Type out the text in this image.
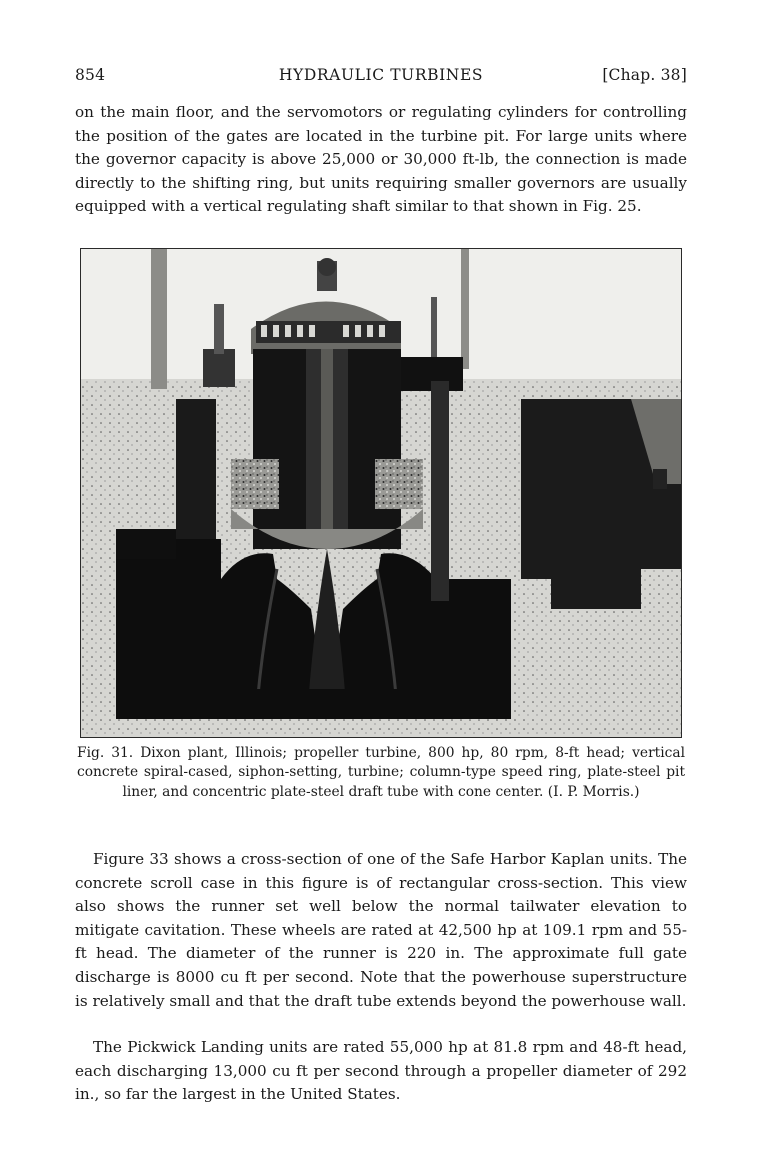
854	HYDRAULIC TURBINES	[Chap. 38]

on the main floor, and the servomotors or regulating cylinders for controlling the position of the gates are located in the turbine pit. For large units where the governor capacity is above 25,000 or 30,000 ft-lb, the connection is made directly to the shifting ring, but units requiring smaller governors are usually equipped with a vertical regulating shaft similar to that shown in Fig. 25.

Fig. 31. Dixon plant, Illinois; propeller turbine, 800 hp, 80 rpm, 8-ft head; vertical concrete spiral-cased, siphon-setting, turbine; column-type speed ring, plate-steel pit liner, and concentric plate-steel draft tube with cone center. (I. P. Morris.)

Figure 33 shows a cross-section of one of the Safe Harbor Kaplan units. The concrete scroll case in this figure is of rectangular cross-section. This view also shows the runner set well below the normal tailwater elevation to mitigate cavitation. These wheels are rated at 42,500 hp at 109.1 rpm and 55-ft head. The diameter of the runner is 220 in. The approximate full gate discharge is 8000 cu ft per second. Note that the powerhouse superstructure is relatively small and that the draft tube extends beyond the powerhouse wall.

The Pickwick Landing units are rated 55,000 hp at 81.8 rpm and 48-ft head, each discharging 13,000 cu ft per second through a propeller diameter of 292 in., so far the largest in the United States.
